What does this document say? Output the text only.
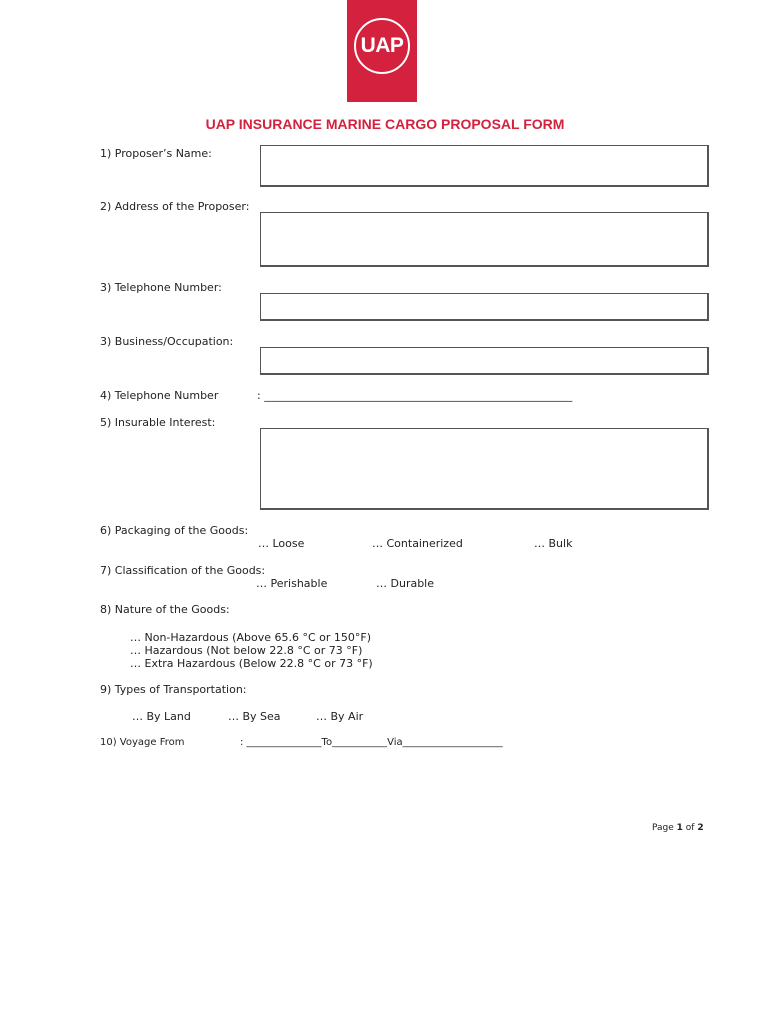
UAP
UAP INSURANCE MARINE CARGO PROPOSAL FORM
1) Proposer’s Name:
2) Address of the Proposer:
3) Telephone Number:
3) Business/Occupation:
4) Telephone Number	: ________________________________________________________
5) Insurable Interest:
6) Packaging of the Goods:
… Loose	… Containerized	… Bulk
7) Classification of the Goods:
… Perishable	… Durable
8) Nature of the Goods:
… Non-Hazardous (Above 65.6 °C or 150°F)
… Hazardous (Not below 22.8 °C or 73 °F)
… Extra Hazardous (Below 22.8 °C or 73 °F)
9) Types of Transportation:
… By Land	… By Sea	… By Air
10) Voyage From	: _______________To___________Via____________________
Page 1 of 2
